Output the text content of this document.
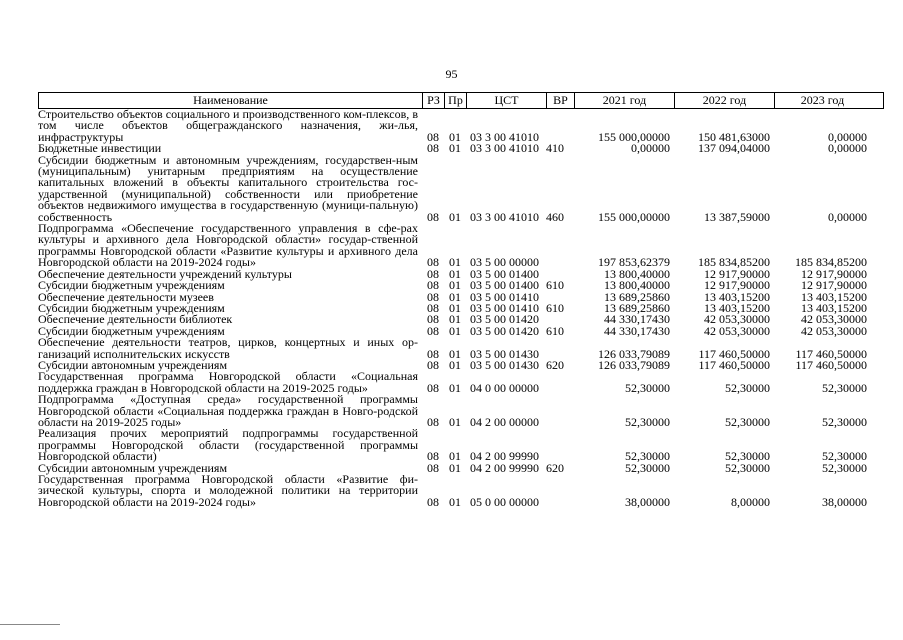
95
Наименование	РЗ Пр	ЦСТ	ВР	2021 год	2022 год	2023 год
Строительство объектов социального и производственного ком-плексов, в том числе объектов общегражданского назначения, жи-лья, инфраструктуры	08 01 03 3 00 41010	155 000,00000	150 481,63000	0,00000
Бюджетные инвестиции	08 01 03 3 00 41010 410	0,00000	137 094,04000	0,00000
Субсидии бюджетным и автономным учреждениям, государствен-ным (муниципальным) унитарным предприятиям на осуществление капитальных вложений в объекты капитального строительства гос-ударственной (муниципальной) собственности или приобретение объектов недвижимого имущества в государственную (муници-пальную) собственность	08 01 03 3 00 41010 460	155 000,00000	13 387,59000	0,00000
Подпрограмма «Обеспечение государственного управления в сфе-рах культуры и архивного дела Новгородской области» государ-ственной программы Новгородской области «Развитие культуры и архивного дела Новгородской области на 2019-2024 годы»	08 01 03 5 00 00000	197 853,62379	185 834,85200	185 834,85200
Обеспечение деятельности учреждений культуры	08 01 03 5 00 01400	13 800,40000	12 917,90000	12 917,90000
Субсидии бюджетным учреждениям	08 01 03 5 00 01400 610	13 800,40000	12 917,90000	12 917,90000
Обеспечение деятельности музеев	08 01 03 5 00 01410	13 689,25860	13 403,15200	13 403,15200
Субсидии бюджетным учреждениям	08 01 03 5 00 01410 610	13 689,25860	13 403,15200	13 403,15200
Обеспечение деятельности библиотек	08 01 03 5 00 01420	44 330,17430	42 053,30000	42 053,30000
Субсидии бюджетным учреждениям	08 01 03 5 00 01420 610	44 330,17430	42 053,30000	42 053,30000
Обеспечение деятельности театров, цирков, концертных и иных ор-ганизаций исполнительских искусств	08 01 03 5 00 01430	126 033,79089	117 460,50000	117 460,50000
Субсидии автономным учреждениям	08 01 03 5 00 01430 620	126 033,79089	117 460,50000	117 460,50000
Государственная программа Новгородской области «Социальная поддержка граждан в Новгородской области на 2019-2025 годы»	08 01 04 0 00 00000	52,30000	52,30000	52,30000
Подпрограмма «Доступная среда» государственной программы Новгородской области «Социальная поддержка граждан в Новго-родской области на 2019-2025 годы»	08 01 04 2 00 00000	52,30000	52,30000	52,30000
Реализация прочих мероприятий подпрограммы государственной программы Новгородской области (государственной программы Новгородской области)	08 01 04 2 00 99990	52,30000	52,30000	52,30000
Субсидии автономным учреждениям	08 01 04 2 00 99990 620	52,30000	52,30000	52,30000
Государственная программа Новгородской области «Развитие фи-зической культуры, спорта и молодежной политики на территории Новгородской области на 2019-2024 годы»	08 01 05 0 00 00000	38,00000	8,00000	38,00000
